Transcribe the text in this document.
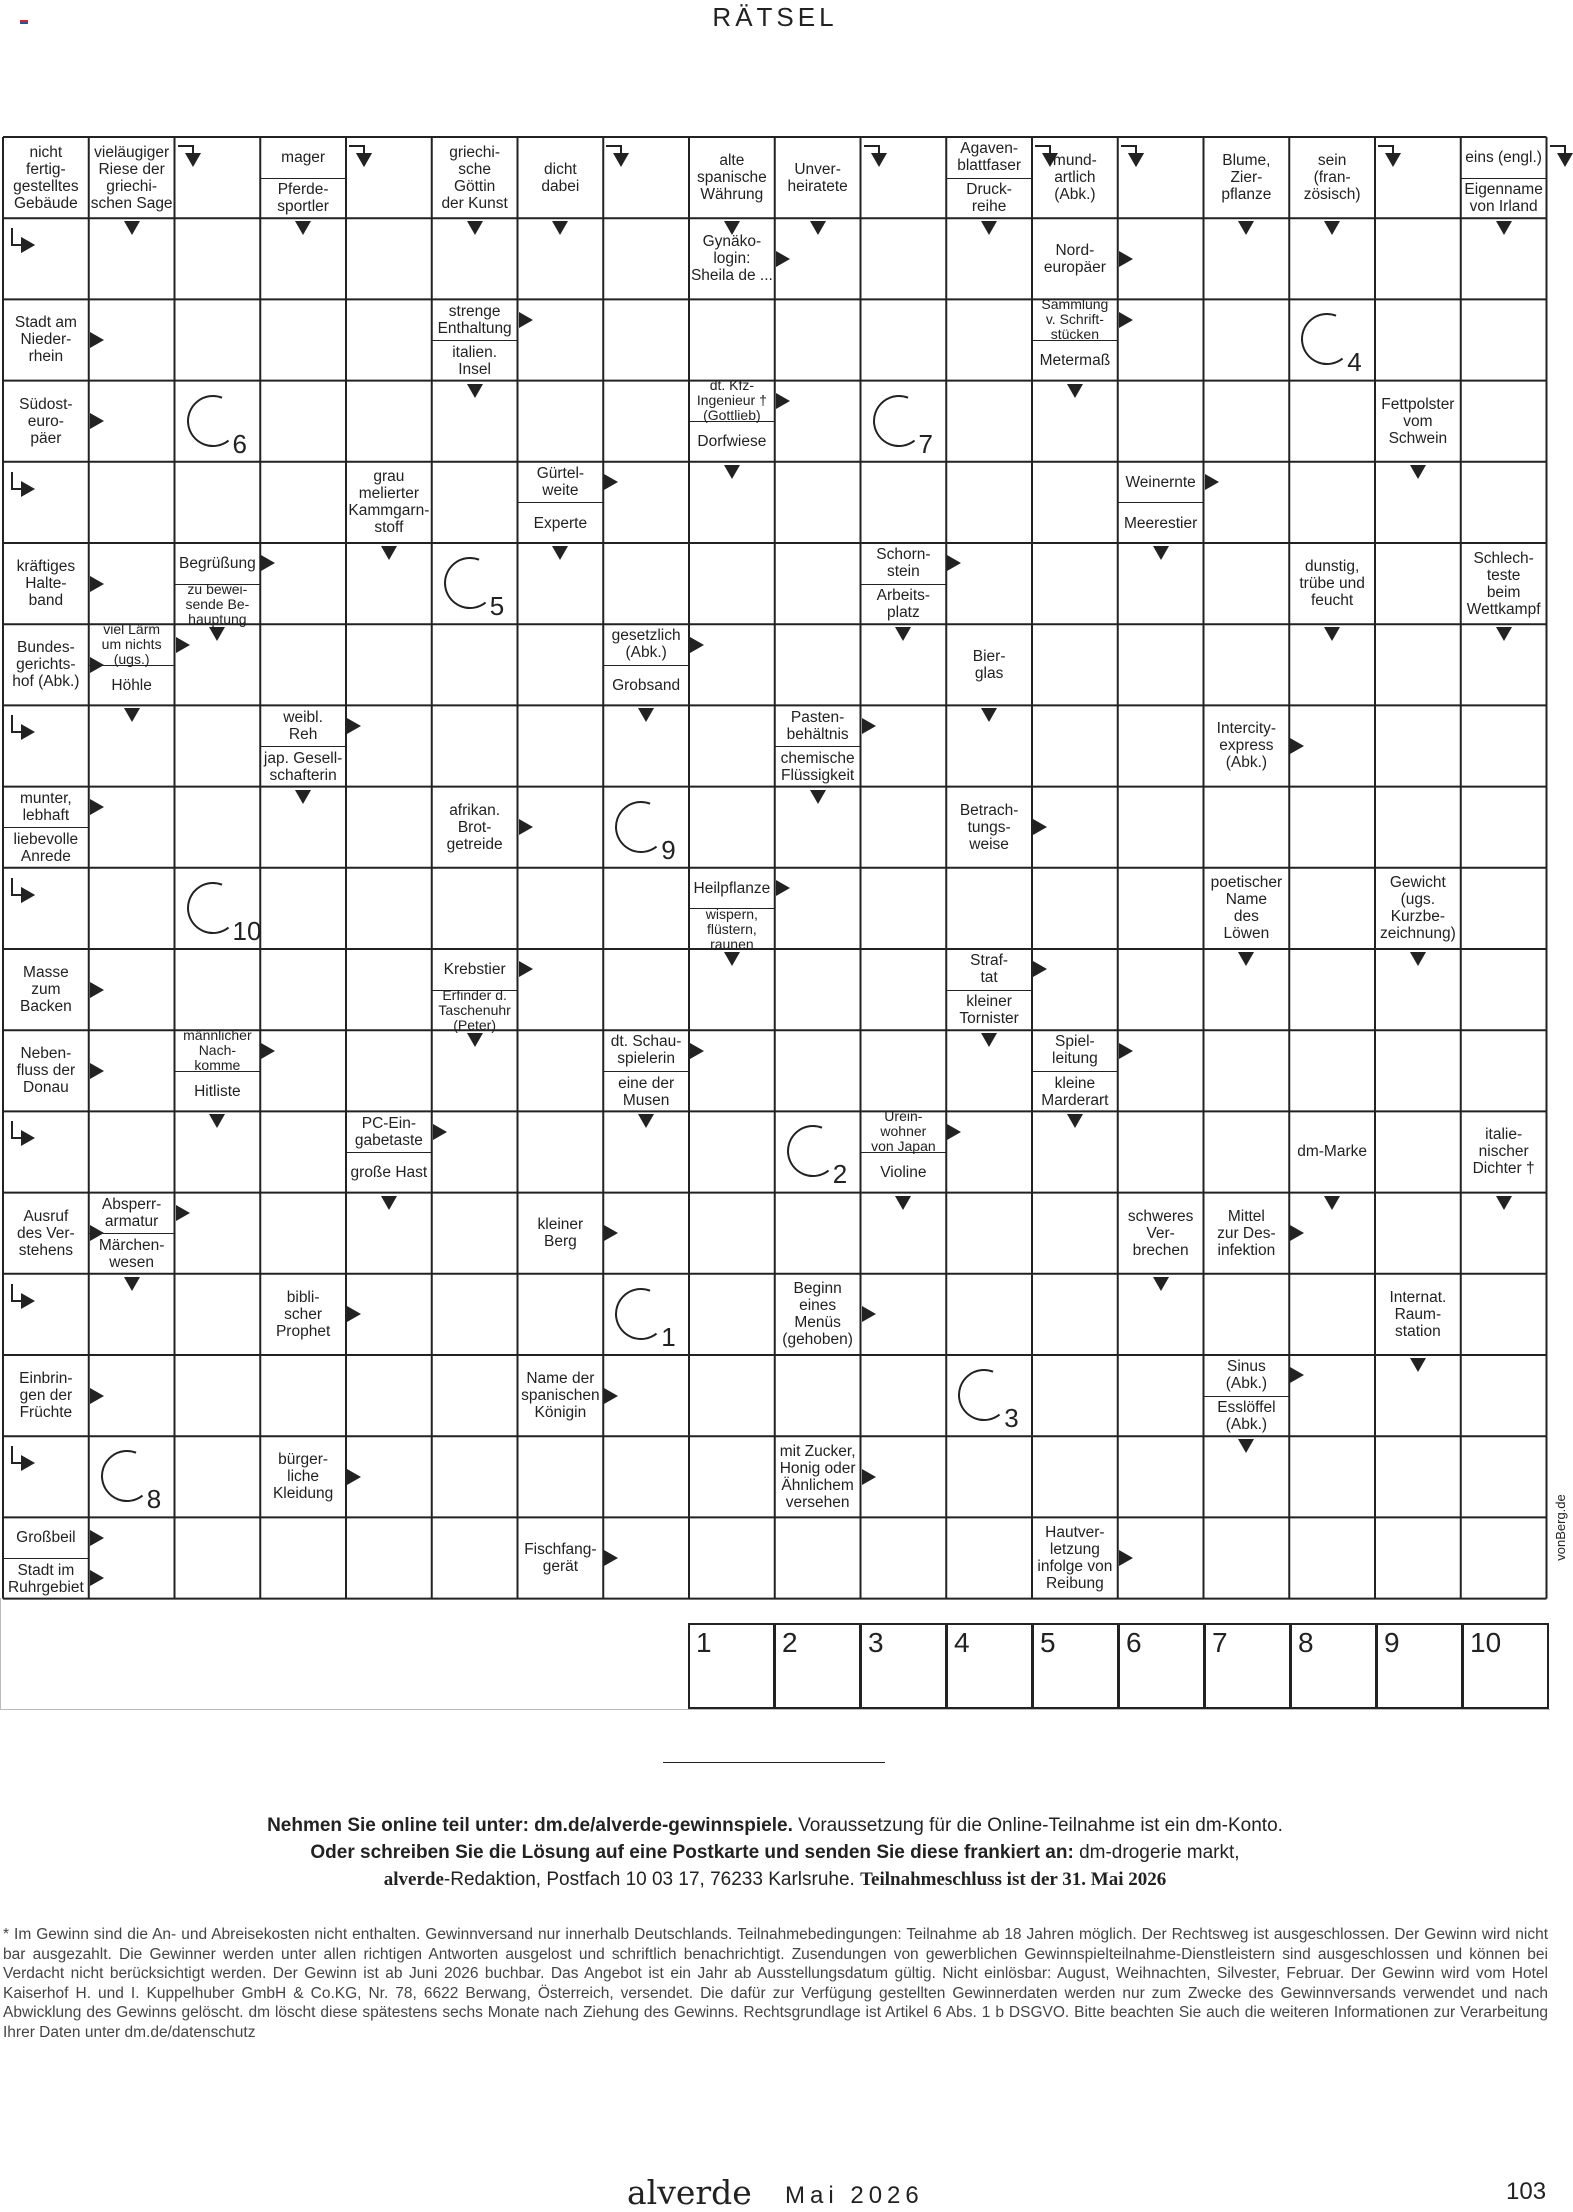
RÄTSEL
nicht
fertig-
gestelltes
Gebäude
vieläugiger
Riese der
griechi-
schen Sage
mager
Pferde-
sportler
griechi-
sche
Göttin
der Kunst
dicht
dabei
alte
spanische
Währung
Unver-
heiratete
Agaven-
blattfaser
Druck-
reihe
mund-
artlich
(Abk.)
Blume,
Zier-
pflanze
sein
(fran-
zösisch)
eins (engl.)
Eigenname
von Irland
Gynäko-
login:
Sheila de ...
Nord-
europäer
Stadt am
Nieder-
rhein
strenge
Enthaltung
italien.
Insel
Sammlung
v. Schrift-
stücken
Metermaß
Südost-
euro-
päer
dt. Kfz-
Ingenieur †
(Gottlieb)
Dorfwiese
Fettpolster
vom
Schwein
grau
melierter
Kammgarn-
stoff
Gürtel-
weite
Experte
Weinernte
Meerestier
kräftiges
Halte-
band
Begrüßung
zu bewei-
sende Be-
hauptung
Schorn-
stein
Arbeits-
platz
dunstig,
trübe und
feucht
Schlech-
teste
beim
Wettkampf
Bundes-
gerichts-
hof (Abk.)
viel Lärm
um nichts
(ugs.)
Höhle
gesetzlich
(Abk.)
Grobsand
Bier-
glas
weibl.
Reh
jap. Gesell-
schafterin
Pasten-
behältnis
chemische
Flüssigkeit
Intercity-
express
(Abk.)
munter,
lebhaft
liebevolle
Anrede
afrikan.
Brot-
getreide
Betrach-
tungs-
weise
Heilpflanze
wispern,
flüstern,
raunen
poetischer
Name
des
Löwen
Gewicht
(ugs.
Kurzbe-
zeichnung)
Masse
zum
Backen
Krebstier
Erfinder d.
Taschenuhr
(Peter)
Straf-
tat
kleiner
Tornister
Neben-
fluss der
Donau
männlicher
Nach-
komme
Hitliste
dt. Schau-
spielerin
eine der
Musen
Spiel-
leitung
kleine
Marderart
PC-Ein-
gabetaste
große Hast
Urein-
wohner
von Japan
Violine
dm-Marke
italie-
nischer
Dichter †
Ausruf
des Ver-
stehens
Absperr-
armatur
Märchen-
wesen
kleiner
Berg
schweres
Ver-
brechen
Mittel
zur Des-
infektion
bibli-
scher
Prophet
Beginn
eines
Menüs
(gehoben)
Internat.
Raum-
station
Einbrin-
gen der
Früchte
Name der
spanischen
Königin
Sinus
(Abk.)
Esslöffel
(Abk.)
bürger-
liche
Kleidung
mit Zucker,
Honig oder
Ähnlichem
versehen
Großbeil
Stadt im
Ruhrgebiet
Fischfang-
gerät
Hautver-
letzung
infolge von
Reibung
1
2
3
4
5
6	7
8
9
10
vonBerg.de
1	2	3	4	5	6	7	8	9	10
Nehmen Sie online teil unter: dm.de/alverde-gewinnspiele. Voraussetzung für die Online-Teilnahme ist ein dm-Konto.
Oder schreiben Sie die Lösung auf eine Postkarte und senden Sie diese frankiert an: dm-drogerie markt,
alverde-Redaktion, Postfach 10 03 17, 76233 Karlsruhe. Teilnahmeschluss ist der 31. Mai 2026
* Im Gewinn sind die An- und Abreisekosten nicht enthalten. Gewinnversand nur innerhalb Deutschlands. Teilnahmebedingungen: Teilnahme ab 18 Jahren möglich. Der Rechtsweg ist ausgeschlossen. Der Gewinn wird nicht bar ausgezahlt. Die Gewinner werden unter allen richtigen Antworten ausgelost und schriftlich benachrichtigt. Zusendungen von gewerblichen Gewinnspielteilnahme-Dienstleistern sind ausgeschlossen und können bei Verdacht nicht berücksichtigt werden. Der Gewinn ist ab Juni 2026 buchbar. Das Angebot ist ein Jahr ab Ausstellungsdatum gültig. Nicht einlösbar: August, Weihnachten, Silvester, Februar. Der Gewinn wird vom Hotel Kaiserhof H. und I. Kuppelhuber GmbH & Co.KG, Nr. 78, 6622 Berwang, Österreich, versendet. Die dafür zur Verfügung gestellten Gewinnerdaten werden nur zum Zwecke des Gewinnversands verwendet und nach Abwicklung des Gewinns gelöscht. dm löscht diese spätestens sechs Monate nach Ziehung des Gewinns. Rechtsgrundlage ist Artikel 6 Abs. 1 b DSGVO. Bitte beachten Sie auch die weiteren Informationen zur Verarbeitung Ihrer Daten unter dm.de/datenschutz
alverde Mai 2026	103
